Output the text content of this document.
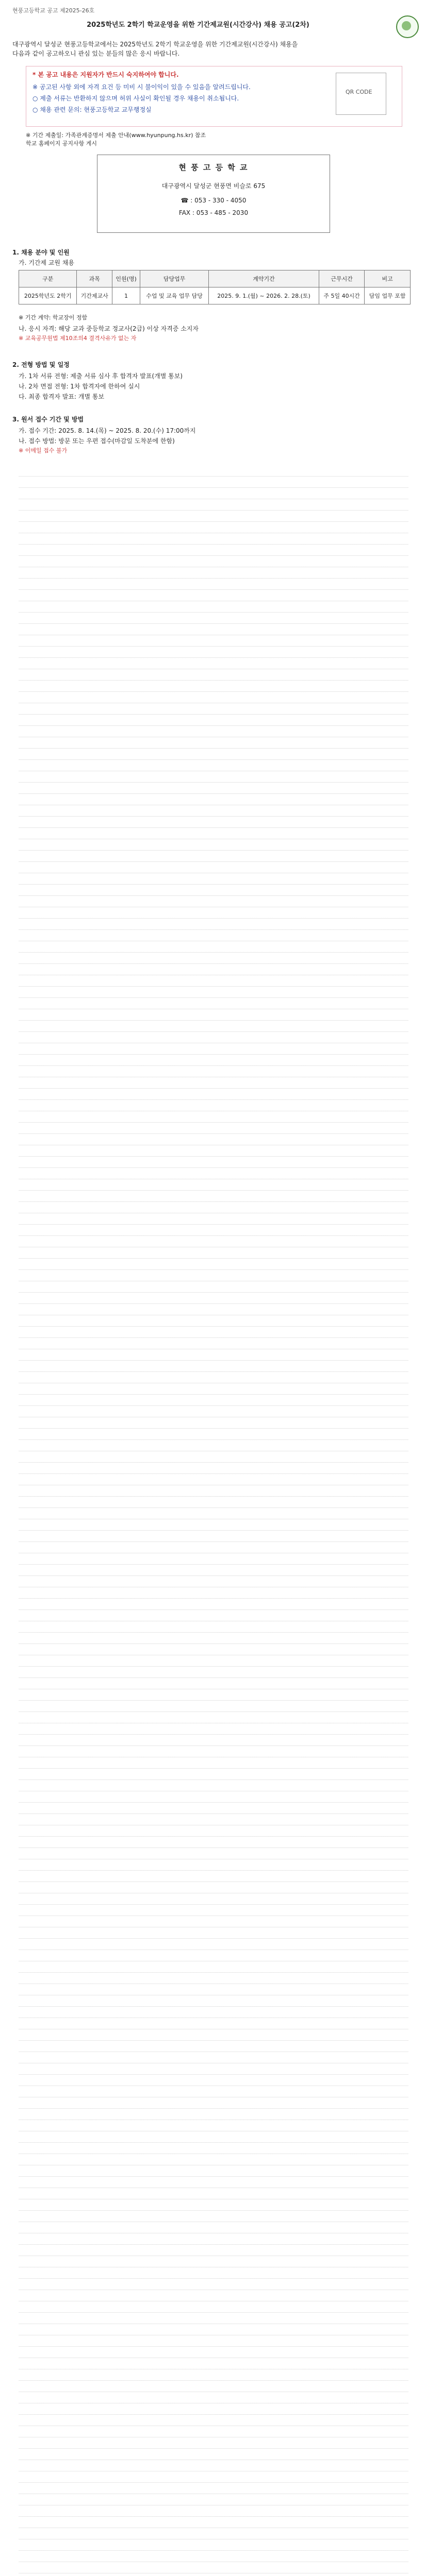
현풍고등학교 공고 제2025-26호
2025학년도 2학기 학교운영을 위한 기간제교원(시간강사) 채용 공고(2차)
대구광역시 달성군 현풍고등학교에서는 2025학년도 2학기 학교운영을 위한 기간제교원(시간강사) 채용을
다음과 같이 공고하오니 관심 있는 분들의 많은 응시 바랍니다.
* 본 공고 내용은 지원자가 반드시 숙지하여야 합니다.
※ 공고된 사항 외에 자격 요건 등 미비 시 불이익이 있을 수 있음을 알려드립니다.
○ 제출 서류는 반환하지 않으며 허위 사실이 확인될 경우 채용이 취소됩니다.
○ 채용 관련 문의: 현풍고등학교 교무행정실
QR CODE
※ 기간 제출일: 가족관계증명서 제출 안내(www.hyunpung.hs.kr) 참조
학교 홈페이지 공지사항 게시
현 풍 고 등 학 교
대구광역시 달성군 현풍면 비슬로 675
☎ : 053 - 330 - 4050
FAX : 053 - 485 - 2030
1. 채용 분야 및 인원
가. 기간제 교원 채용
구분	과목	인원(명)	담당업무	계약기간	근무시간	비고
2025학년도 2학기	기간제교사	1	수업 및 교육 업무 담당	2025. 9. 1.(월) ~ 2026. 2. 28.(토)	주 5일 40시간	담임 업무 포함
※ 기간 계약: 학교장이 정함
나. 응시 자격: 해당 교과 중등학교 정교사(2급) 이상 자격증 소지자
※ 교육공무원법 제10조의4 결격사유가 없는 자
2. 전형 방법 및 일정
가. 1차 서류 전형: 제출 서류 심사 후 합격자 발표(개별 통보)
나. 2차 면접 전형: 1차 합격자에 한하여 실시
다. 최종 합격자 발표: 개별 통보
3. 원서 접수 기간 및 방법
가. 접수 기간: 2025. 8. 14.(목) ~ 2025. 8. 20.(수) 17:00까지
나. 접수 방법: 방문 또는 우편 접수(마감일 도착분에 한함)
※ 이메일 접수 불가
